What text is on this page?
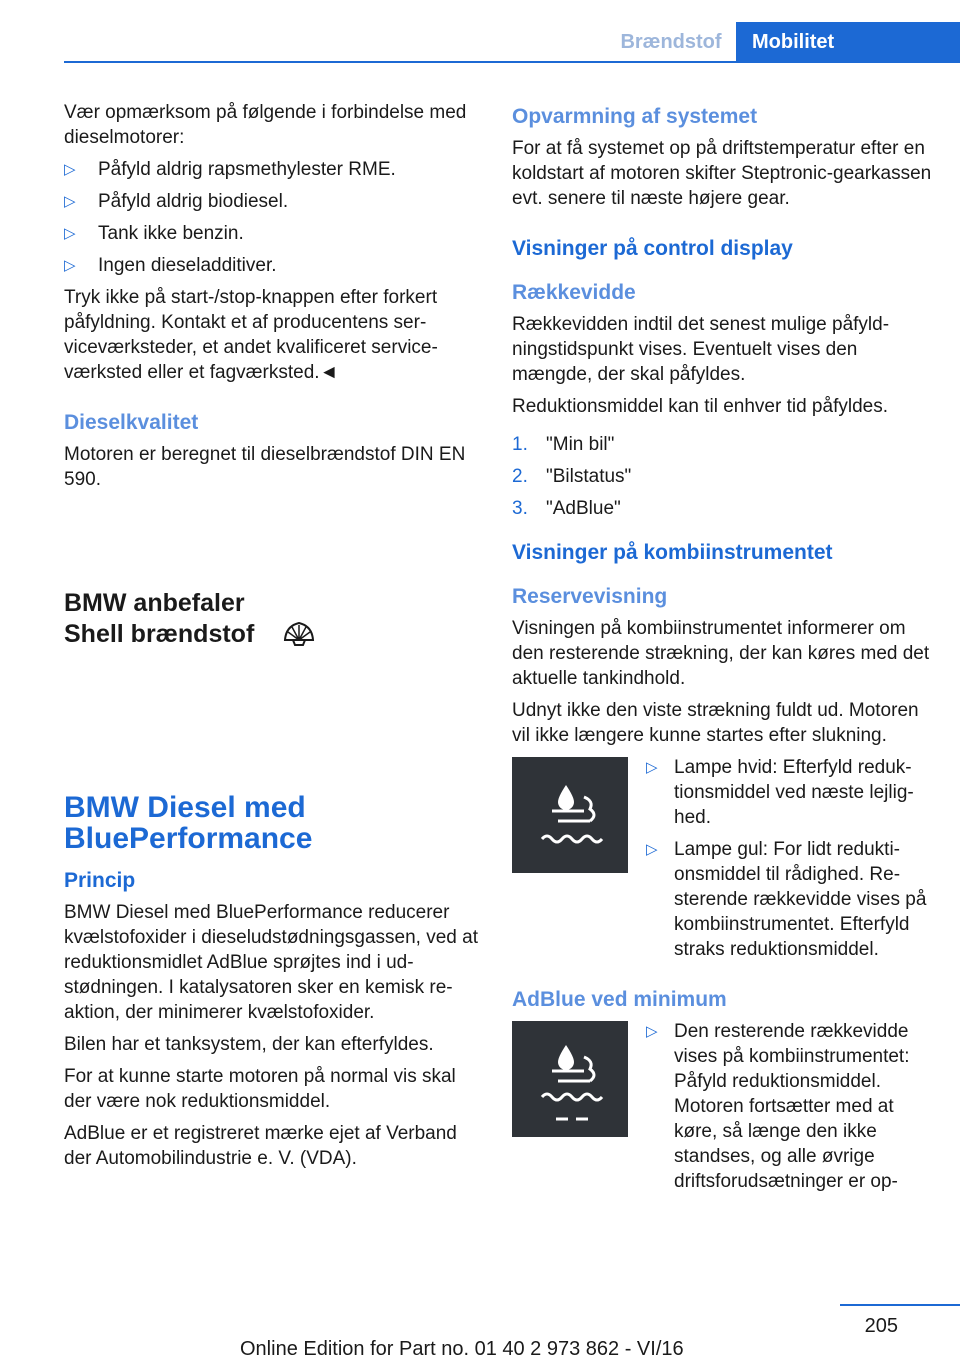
Brændstof	Mobilitet

Vær opmærksom på følgende i forbindelse med dieselmotorer:

▷ Påfyld aldrig rapsmethylester RME.
▷ Påfyld aldrig biodiesel.
▷ Tank ikke benzin.
▷ Ingen dieseladditiver.

Tryk ikke på start-/stop-knappen efter forkert påfyldning. Kontakt et af producentens serviceværksteder, et andet kvalificeret serviceværksted eller et fagværksted.◄

Dieselkvalitet

Motoren er beregnet til dieselbrændstof DIN EN 590.

BMW anbefaler
Shell brændstof
BMW Diesel med BluePerformance
Princip

BMW Diesel med BluePerformance reducerer kvælstofoxider i dieseludstødningsgassen, ved at reduktionsmidlet AdBlue sprøjtes ind i udstødningen. I katalysatoren sker en kemisk reaktion, der minimerer kvælstofoxider.

Bilen har et tanksystem, der kan efterfyldes.

For at kunne starte motoren på normal vis skal der være nok reduktionsmiddel.

AdBlue er et registreret mærke ejet af Verband der Automobilindustrie e. V. (VDA).

Opvarmning af systemet

For at få systemet op på driftstemperatur efter en koldstart af motoren skifter Steptronic-gearkassen evt. senere til næste højere gear.

Visninger på control display
Rækkevidde

Rækkevidden indtil det senest mulige påfyldningstidspunkt vises. Eventuelt vises den mængde, der skal påfyldes.

Reduktionsmiddel kan til enhver tid påfyldes.

1. "Min bil"
2. "Bilstatus"
3. "AdBlue"
Visninger på kombiinstrumentet
Reservevisning

Visningen på kombiinstrumentet informerer om den resterende strækning, der kan køres med det aktuelle tankindhold.

Udnyt ikke den viste strækning fuldt ud. Motoren vil ikke længere kunne startes efter slukning.

▷ Lampe hvid: Efterfyld reduktionsmiddel ved næste lejlighed.
▷ Lampe gul: For lidt reduktionsmiddel til rådighed. Resterende rækkevidde vises på kombiinstrumentet. Efterfyld straks reduktionsmiddel.
AdBlue ved minimum
▷ Den resterende rækkevidde vises på kombiinstrumentet: Påfyld reduktionsmiddel. Motoren fortsætter med at køre, så længe den ikke standses, og alle øvrige driftsforudsætninger er op-
205
Online Edition for Part no. 01 40 2 973 862 - VI/16
